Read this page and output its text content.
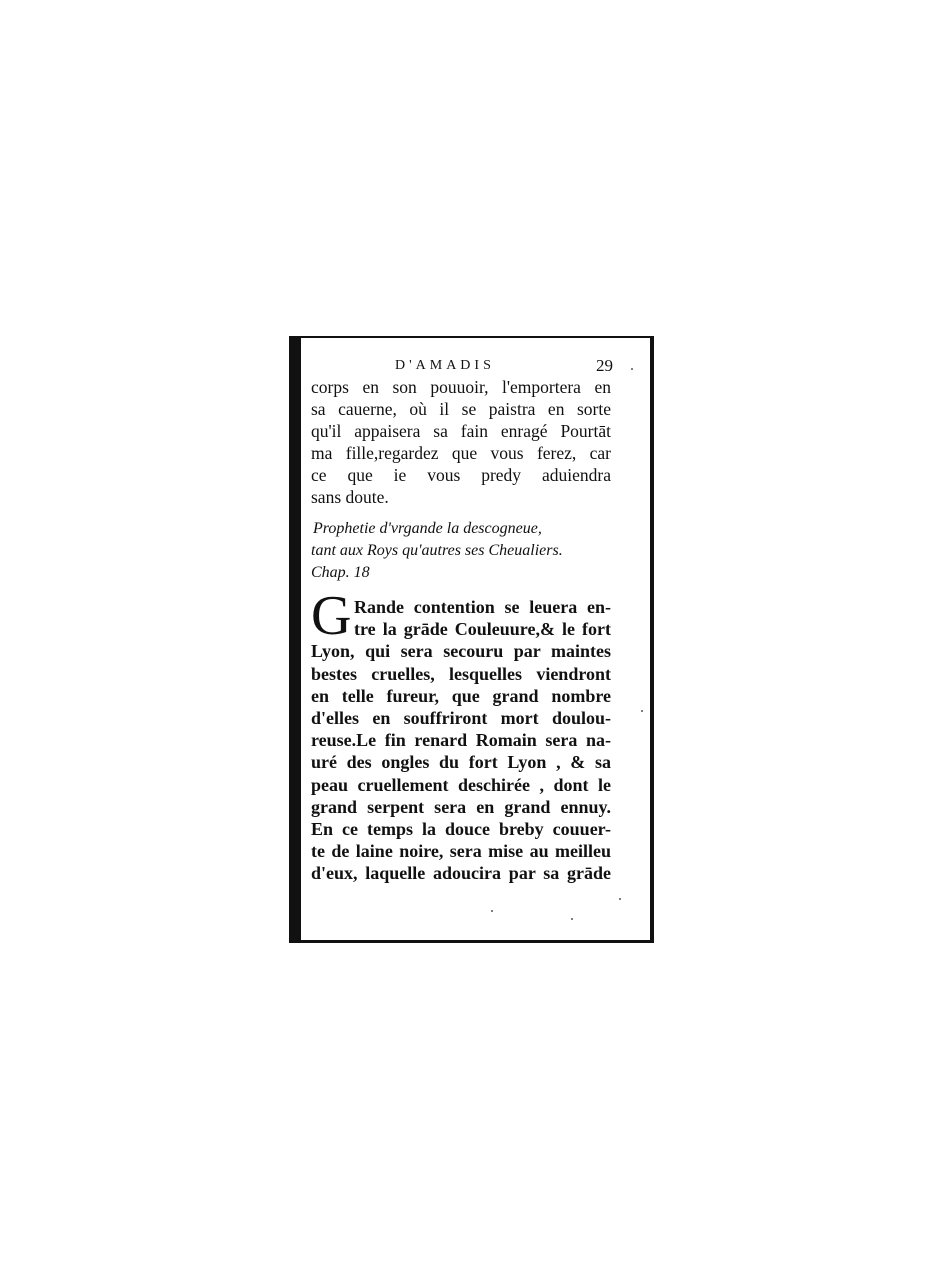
D'AMADIS	29
corps en son pouuoir, l'emportera en
sa cauerne, où il se paistra en sorte
qu'il appaisera sa fain enragé Pourtāt
ma fille,regardez que vous ferez, car
ce que ie vous predy aduiendra
sans doute.
Prophetie d'vrgande la descogneue,
tant aux Roys qu'autres ses Cheualiers.
Chap. 18
G Rande contention se leuera en-
tre la grāde Couleuure,& le fort
Lyon, qui sera secouru par maintes
bestes cruelles, lesquelles viendront
en telle fureur, que grand nombre
d'elles en souffriront mort doulou-
reuse.Le fin renard Romain sera na-
uré des ongles du fort Lyon , & sa
peau cruellement deschirée , dont le
grand serpent sera en grand ennuy.
En ce temps la douce breby couuer-
te de laine noire, sera mise au meilleu
d'eux, laquelle adoucira par sa grāde
